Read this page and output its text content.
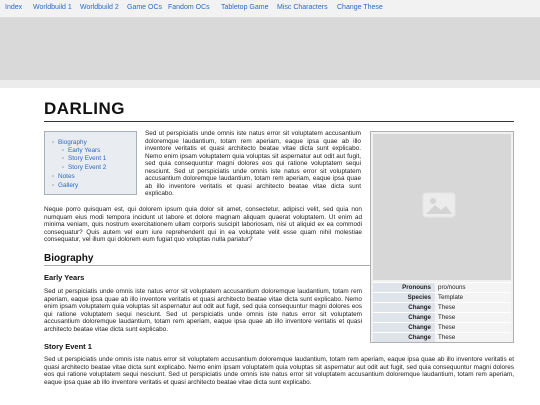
Index Worldbuild 1 Worldbuild 2 Game OCs Fandom OCs Tabletop Game Misc Characters Change These
DARLING
◦ Biography
◦ Early Years
◦ Story Event 1
◦ Story Event 2
◦ Notes
◦ Gallery

Sed ut perspiciatis unde omnis iste natus error sit voluptatem accusantium doloremque laudantium, totam rem aperiam, eaque ipsa quae ab illo inventore veritatis et quasi architecto beatae vitae dicta sunt explicabo. Nemo enim ipsam voluptatem quia voluptas sit aspernatur aut odit aut fugit, sed quia consequuntur magni dolores eos qui ratione voluptatem sequi nesciunt. Sed ut perspiciatis unde omnis iste natus error sit voluptatem accusantium doloremque laudantium, totam rem aperiam, eaque ipsa quae ab illo inventore veritatis et quasi architecto beatae vitae dicta sunt explicabo.

Neque porro quisquam est, qui dolorem ipsum quia dolor sit amet, consectetur, adipisci velit, sed quia non numquam eius modi tempora incidunt ut labore et dolore magnam aliquam quaerat voluptatem. Ut enim ad minima veniam, quis nostrum exercitationem ullam corporis suscipit laboriosam, nisi ut aliquid ex ea commodi consequatur? Quis autem vel eum iure reprehenderit qui in ea voluptate velit esse quam nihil molestiae consequatur, vel illum qui dolorem eum fugiat quo voluptas nulla pariatur?

Pronouns	pro/nouns
Species	Template
Change	These
Change	These
Change	These
Change	These
Biography
Early Years

Sed ut perspiciatis unde omnis iste natus error sit voluptatem accusantium doloremque laudantium, totam rem aperiam, eaque ipsa quae ab illo inventore veritatis et quasi architecto beatae vitae dicta sunt explicabo. Nemo enim ipsam voluptatem quia voluptas sit aspernatur aut odit aut fugit, sed quia consequuntur magni dolores eos qui ratione voluptatem sequi nesciunt. Sed ut perspiciatis unde omnis iste natus error sit voluptatem accusantium doloremque laudantium, totam rem aperiam, eaque ipsa quae ab illo inventore veritatis et quasi architecto beatae vitae dicta sunt explicabo.

Story Event 1

Sed ut perspiciatis unde omnis iste natus error sit voluptatem accusantium doloremque laudantium, totam rem aperiam, eaque ipsa quae ab illo inventore veritatis et quasi architecto beatae vitae dicta sunt explicabo. Nemo enim ipsam voluptatem quia voluptas sit aspernatur aut odit aut fugit, sed quia consequuntur magni dolores eos qui ratione voluptatem sequi nesciunt. Sed ut perspiciatis unde omnis iste natus error sit voluptatem accusantium doloremque laudantium, totam rem aperiam, eaque ipsa quae ab illo inventore veritatis et quasi architecto beatae vitae dicta sunt explicabo.
